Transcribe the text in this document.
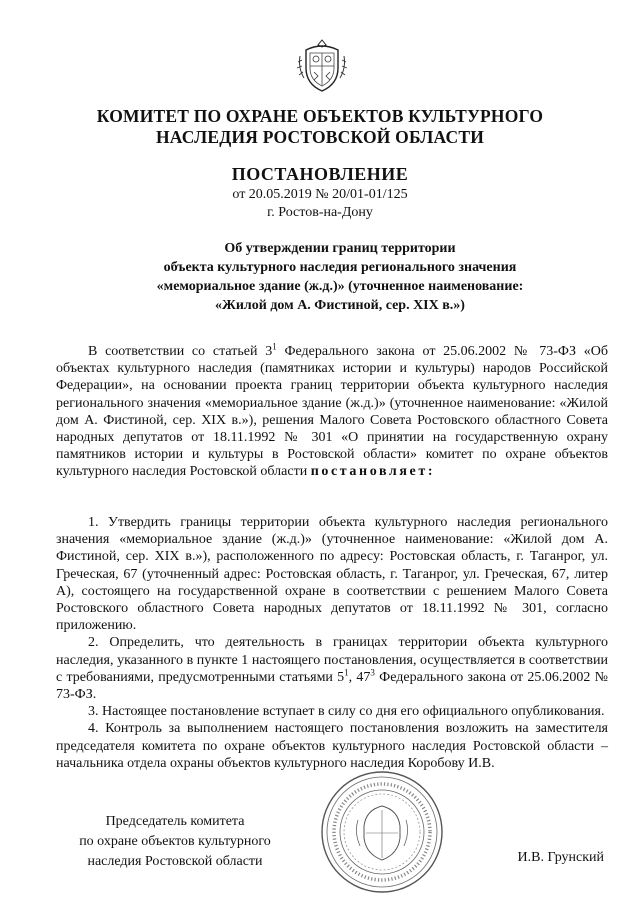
КОМИТЕТ ПО ОХРАНЕ ОБЪЕКТОВ КУЛЬТУРНОГО
НАСЛЕДИЯ РОСТОВСКОЙ ОБЛАСТИ
ПОСТАНОВЛЕНИЕ
от 20.05.2019 № 20/01-01/125
г. Ростов-на-Дону
Об утверждении границ территории
объекта культурного наследия регионального значения
«мемориальное здание (ж.д.)» (уточненное наименование:
«Жилой дом А. Фистиной, сер. XIX в.»)

В соответствии со статьей $3^1$ Федерального закона от 25.06.2002 № 73-ФЗ «Об объектах культурного наследия (памятниках истории и культуры) народов Российской Федерации», на основании проекта границ территории объекта культурного наследия регионального значения «мемориальное здание (ж.д.)» (уточненное наименование: «Жилой дом А. Фистиной, сер. XIX в.»), решения Малого Совета Ростовского областного Совета народных депутатов от 18.11.1992 № 301 «О принятии на государственную охрану памятников истории и культуры в Ростовской области» комитет по охране объектов культурного наследия Ростовской области постановляет:

1. Утвердить границы территории объекта культурного наследия регионального значения «мемориальное здание (ж.д.)» (уточненное наименование: «Жилой дом А. Фистиной, сер. XIX в.»), расположенного по адресу: Ростовская область, г. Таганрог, ул. Греческая, 67 (уточненный адрес: Ростовская область, г. Таганрог, ул. Греческая, 67, литер А), состоящего на государственной охране в соответствии с решением Малого Совета Ростовского областного Совета народных депутатов от 18.11.1992 № 301, согласно приложению.

2. Определить, что деятельность в границах территории объекта культурного наследия, указанного в пункте 1 настоящего постановления, осуществляется в соответствии с требованиями, предусмотренными статьями $5^1$, $47^3$ Федерального закона от 25.06.2002 № 73-ФЗ.

3. Настоящее постановление вступает в силу со дня его официального опубликования.

4. Контроль за выполнением настоящего постановления возложить на заместителя председателя комитета по охране объектов культурного наследия Ростовской области – начальника отдела охраны объектов культурного наследия Коробову И.В.

Председатель комитета
по охране объектов культурного
наследия Ростовской области	И.В. Грунский
